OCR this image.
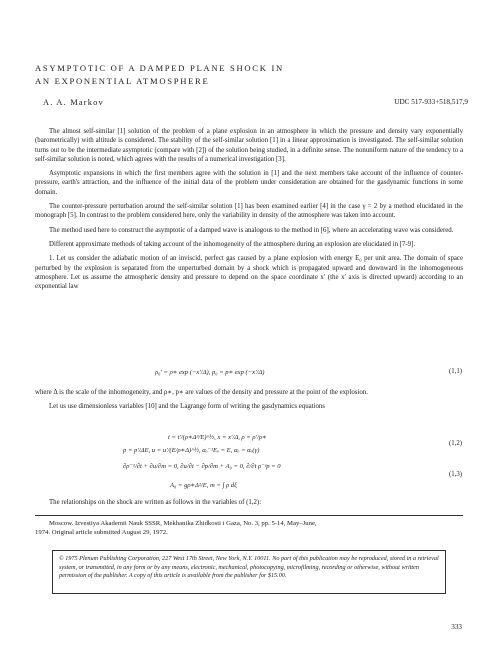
ASYMPTOTIC OF A DAMPED PLANE SHOCK IN
AN EXPONENTIAL ATMOSPHERE
A. A. Markov	UDC 517-933+518,517,9

The almost self-similar [1] solution of the problem of a plane explosion in an atmosphere in which the pressure and density vary exponentially (barometrically) with altitude is considered. The stability of the self-similar solution [1] in a linear approximation is investigated. The self-similar solution turns out to be the intermediate asymptotic (compare with [2]) of the solution being studied, in a definite sense. The nonuniform nature of the tendency to a self-similar solution is noted, which agrees with the results of a numerical investigation [3].

Asymptotic expansions in which the first members agree with the solution in [1] and the next members take account of the influence of counter-pressure, earth's attraction, and the influence of the initial data of the problem under consideration are obtained for the gasdynamic functions in some domain.

The counter-pressure perturbation around the self-similar solution [1] has been examined earlier [4] in the case γ = 2 by a method elucidated in the monograph [5]. In contrast to the problem considered here, only the variability in density of the atmosphere was taken into account.

The method used here to construct the asymptotic of a damped wave is analogous to the method in [6], where an accelerating wave was considered.

Different approximate methods of taking account of the inhomogeneity of the atmosphere during an explosion are elucidated in [7-9].

1. Let us consider the adiabatic motion of an inviscid, perfect gas caused by a plane explosion with energy E₀ per unit area. The domain of space perturbed by the explosion is separated from the unperturbed domain by a shock which is propagated upward and downward in the inhomogeneous atmosphere. Let us assume the atmospheric density and pressure to depend on the space coordinate x′ (the x′ axis is directed upward) according to an exponential law

ρ₀′ = ρ∗ exp (−x′/Δ), p₀ = p∗ exp (−x′/Δ)	(1,1)

where Δ is the scale of the inhomogeneity, and ρ∗, p∗ are values of the density and pressure at the point of the explosion.

Let us use dimensionless variables [10] and the Lagrange form of writing the gasdynamics equations

t = t′/(ρ∗Δ³/E)^½, x = x′/Δ, ρ = ρ′/ρ∗
p = p′/ΔE, u = u′/(E/ρ∗Δ)^½, αₒ⁻¹Eₒ = E, αₒ = αₒ(γ)
(1,2)
∂ρ⁻¹/∂t + ∂u/∂m = 0, ∂u/∂t − ∂p/∂m + A₀ = 0, ∂/∂t ρ⁻ᵞp = 0
A₀ = gρ∗Δ²/E, m = ∫ ρ dξ
(1,3)

The relationships on the shock are written as follows in the variables of (1,2):

Moscow. Izvestiya Akademii Nauk SSSR, Mekhanika Zhidkosti i Gaza, No. 3, pp. 5-14, May–June,
1974. Original article submitted August 29, 1972.
© 1975 Plenum Publishing Corporation, 227 West 17th Street, New York, N.Y. 10011. No part of this publication may be reproduced, stored in a retrieval system, or transmitted, in any form or by any means, electronic, mechanical, photocopying, microfilming, recording or otherwise, without written permission of the publisher. A copy of this article is available from the publisher for $15.00.
333
